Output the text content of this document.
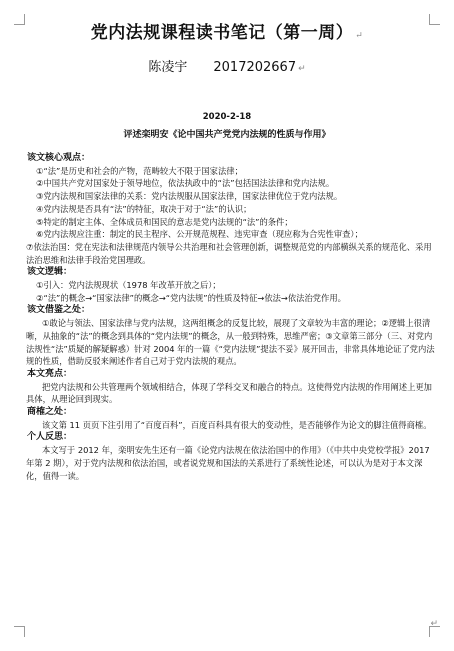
党内法规课程读书笔记（第一周） ↵
陈凌宇 2017202667 ↵
2020-2-18
评述栾明安《论中国共产党党内法规的性质与作用》
该文核心观点：

①“法”是历史和社会的产物，范畴较大不限于国家法律；

②中国共产党对国家处于领导地位，依法执政中的“法”包括国法法律和党内法规。

③党内法规和国家法律的关系：党内法规服从国家法律，国家法律优位于党内法规。

④党内法规是否具有“法”的特征，取决于对于“法”的认识；

⑤特定的制定主体、全体成员和国民的意志是党内法规的“法”的条件；

⑥党内法规应注重：制定的民主程序、公开规范规程、违宪审查（现应称为合宪性审查）；

⑦依法治国：党在宪法和法律规范内领导公共治理和社会管理创新，调整规范党的内部横纵关系的规范化、采用法治思维和法律手段治党国理政。

该文逻辑：

①引入：党内法规现状（1978 年改革开放之后）；

②“法”的概念→“国家法律”的概念→“党内法规”的性质及特征→依法→依法治党作用。

该文借鉴之处：

①敢论与领法、国家法律与党内法规，这两组概念的反复比较，展现了文章较为丰富的理论；②逻辑上很清晰，从抽象的“法”的概念到具体的“党内法规”的概念，从一般到特殊，思维严密；③文章第三部分（三、对党内法规性“法”质疑的解疑解惑）针对 2004 年的一篇《“党内法规”提法不妥》展开回击，非常具体地论证了党内法规的性质，借助反驳来阐述作者自己对于党内法规的观点。

本文亮点：

把党内法规和公共管理两个领域相结合，体现了学科交叉和融合的特点。这使得党内法规的作用阐述上更加具体，从理论回到现实。

商榷之处：

该文第 11 页页下注引用了“百度百科”，百度百科具有很大的变动性，是否能够作为论文的脚注值得商榷。

个人反思：

本文写于 2012 年，栾明安先生还有一篇《论党内法规在依法治国中的作用》（《中共中央党校学报》2017 年第 2 期），对于党内法规和依法治国，或者说党规和国法的关系进行了系统性论述，可以认为是对于本文深化，值得一读。

↵
